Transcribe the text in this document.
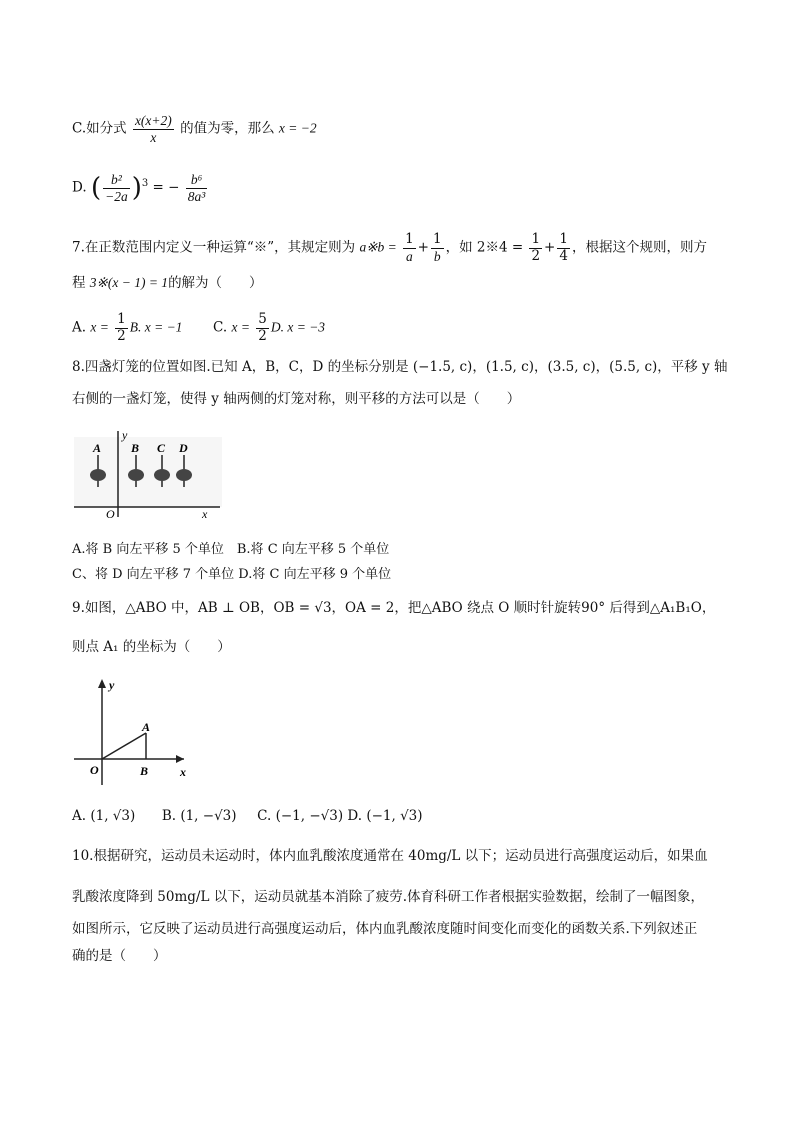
C.如分式 $\frac{x(x+2)}{x}$ 的值为零，那么 x = −2
D. ( $\frac{\text{b²}}{-2a} )^3$ = − $\frac{\text{b⁶}}{\text{8a³}}$
7.在正数范围内定义一种运算“※”，其规定则为 a※b = $\frac{1}{a} + \frac{1}{b}$ ，如 2※4 = $\frac{1}{2} + \frac{1}{4}$ ，根据这个规则，则方
程 3※(x − 1) = 1的解为（　　）
A. $x = \frac{1}{2} B$. x = −1 C. $x = \frac{5}{2} D$. x = −3
8.四盏灯笼的位置如图.已知 A，B，C，D 的坐标分别是 (−1.5, c)，(1.5, c)，(3.5, c)，(5.5, c)，平移 y 轴
右侧的一盏灯笼，使得 y 轴两侧的灯笼对称，则平移的方法可以是（　　）
y
x
O
A B C D
A.将 B 向左平移 5 个单位　B.将 C 向左平移 5 个单位
C、将 D 向左平移 7 个单位 D.将 C 向左平移 9 个单位
9.如图，△ABO 中，AB ⊥ OB，OB = √3，OA = 2，把△ABO 绕点 O 顺时针旋转90° 后得到△A₁B₁O，
则点 A₁ 的坐标为（　　）
y
x
O
A
B
A. (1, √3) B. (1, −√3) C. (−1, −√3) D. (−1, √3)
10.根据研究，运动员未运动时，体内血乳酸浓度通常在 40mg/L 以下；运动员进行高强度运动后，如果血
乳酸浓度降到 50mg/L 以下，运动员就基本消除了疲劳.体育科研工作者根据实验数据，绘制了一幅图象，
如图所示，它反映了运动员进行高强度运动后，体内血乳酸浓度随时间变化而变化的函数关系.下列叙述正
确的是（　　）
